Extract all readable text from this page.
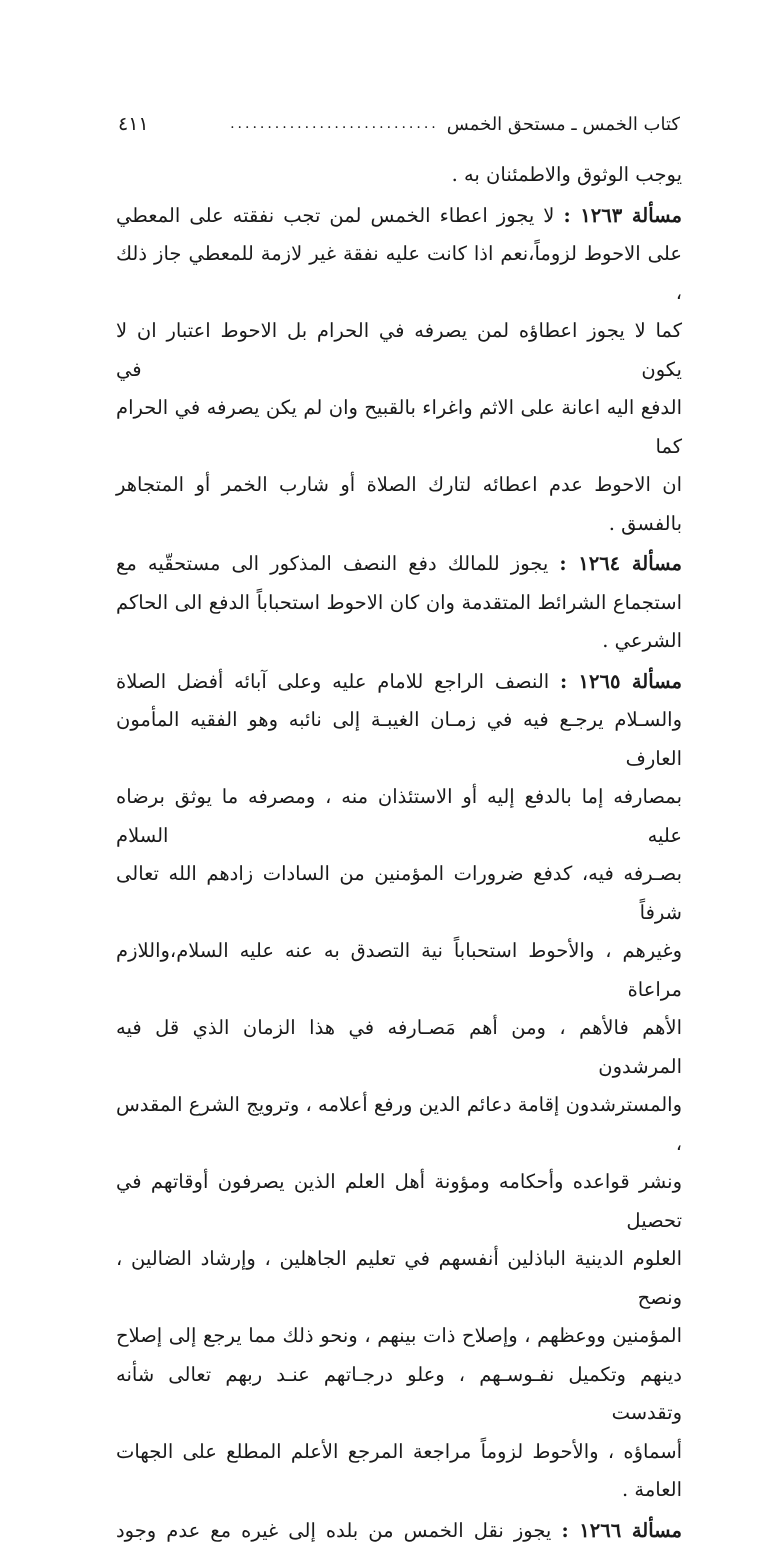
كتاب الخمس ـ مستحق الخمس
............................
٤١١

يوجب الوثوق والاطمئنان به .

مسألة ١٢٦٣ : لا يجوز اعطاء الخمس لمن تجب نفقته على المعطي
على الاحوط لزوماً،نعم اذا كانت عليه نفقة غير لازمة للمعطي جاز ذلك ،
كما لا يجوز اعطاؤه لمن يصرفه في الحرام بل الاحوط اعتبار ان لا يكون في
الدفع اليه اعانة على الاثم واغراء بالقبيح وان لم يكن يصرفه في الحرام كما
ان الاحوط عدم اعطائه لتارك الصلاة أو شارب الخمر أو المتجاهر بالفسق .

مسألة ١٢٦٤ : يجوز للمالك دفع النصف المذكور الى مستحقّيه مع
استجماع الشرائط المتقدمة وان كان الاحوط استحباباً الدفع الى الحاكم
الشرعي .

مسألة ١٢٦٥ : النصف الراجع للامام عليه وعلى آبائه أفضل الصلاة
والسـلام يرجـع فيه في زمـان الغيبـة إلى نائبه وهو الفقيه المأمون العارف
بمصارفه إما بالدفع إليه أو الاستئذان منه ، ومصرفه ما يوثق برضاه عليه السلام
بصـرفه فيه، كدفع ضرورات المؤمنين من السادات زادهم الله تعالى شرفاً
وغيرهم ، والأحوط استحباباً نية التصدق به عنه عليه السلام،واللازم مراعاة
الأهم فالأهم ، ومن أهم مَصـارفه في هذا الزمان الذي قل فيه المرشدون
والمسترشدون إقامة دعائم الدين ورفع أعلامه ، وترويج الشرع المقدس ،
ونشر قواعده وأحكامه ومؤونة أهل العلم الذين يصرفون أوقاتهم في تحصيل
العلوم الدينية الباذلين أنفسهم في تعليم الجاهلين ، وإرشاد الضالين ، ونصح
المؤمنين ووعظهم ، وإصلاح ذات بينهم ، ونحو ذلك مما يرجع إلى إصلاح
دينهم وتكميل نفـوسـهم ، وعلو درجـاتهم عنـد ربهم تعالى شأنه وتقدست
أسماؤه ، والأحوط لزوماً مراجعة المرجع الأعلم المطلع على الجهات
العامة .

مسألة ١٢٦٦ : يجوز نقل الخمس من بلده إلى غيره مع عدم وجود
